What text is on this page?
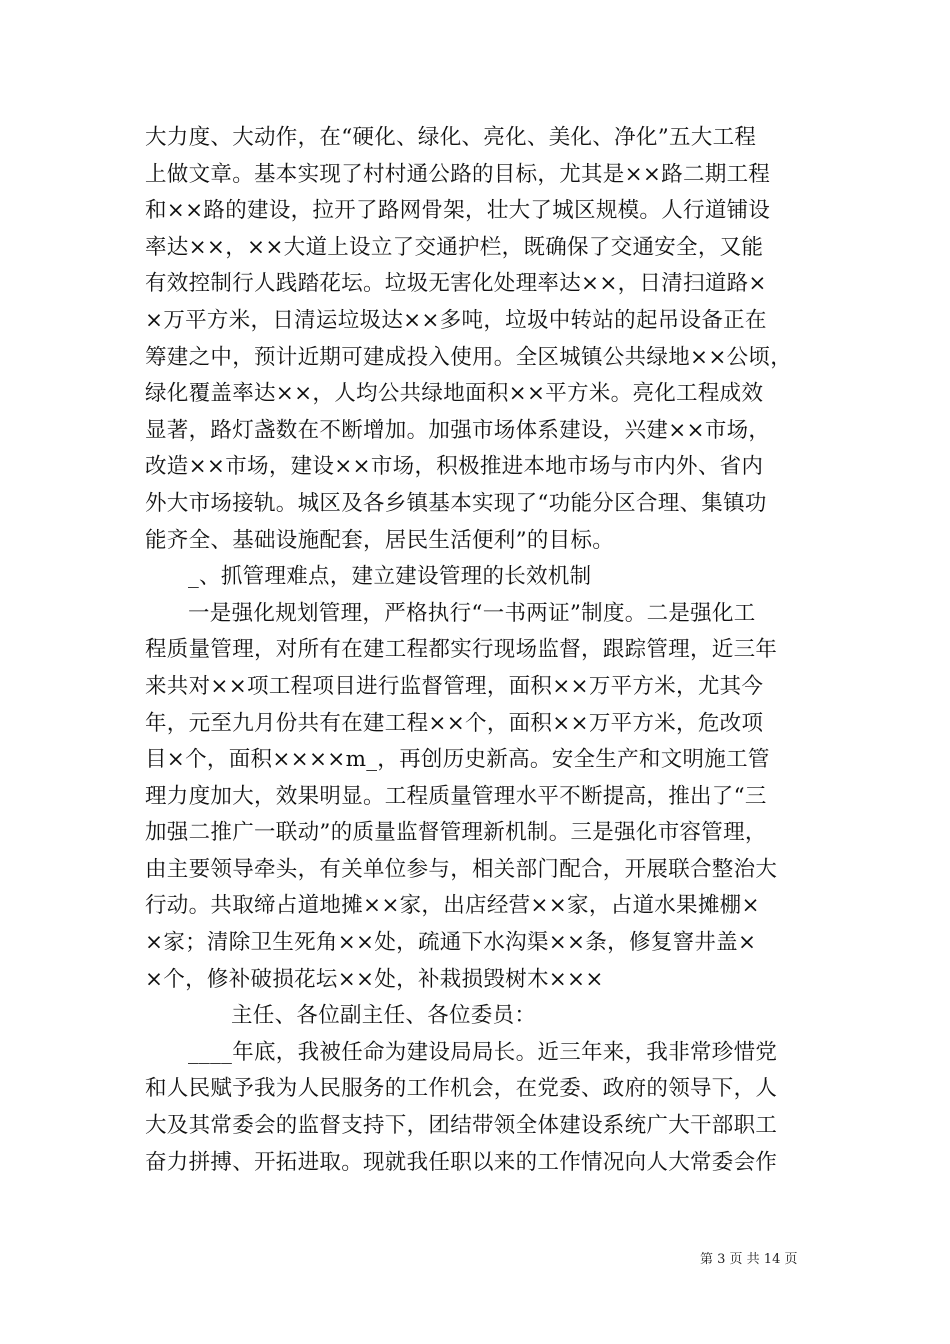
大力度、大动作，在“硬化、绿化、亮化、美化、净化”五大工程
上做文章。基本实现了村村通公路的目标，尤其是××路二期工程
和××路的建设，拉开了路网骨架，壮大了城区规模。人行道铺设
率达××，××大道上设立了交通护栏，既确保了交通安全，又能
有效控制行人践踏花坛。垃圾无害化处理率达××，日清扫道路×
×万平方米，日清运垃圾达××多吨，垃圾中转站的起吊设备正在
筹建之中，预计近期可建成投入使用。全区城镇公共绿地××公顷，
绿化覆盖率达××，人均公共绿地面积××平方米。亮化工程成效
显著，路灯盏数在不断增加。加强市场体系建设，兴建××市场，
改造××市场，建设××市场，积极推进本地市场与市内外、省内
外大市场接轨。城区及各乡镇基本实现了“功能分区合理、集镇功
能齐全、基础设施配套，居民生活便利”的目标。
_、抓管理难点，建立建设管理的长效机制
一是强化规划管理，严格执行“一书两证”制度。二是强化工
程质量管理，对所有在建工程都实行现场监督，跟踪管理，近三年
来共对××项工程项目进行监督管理，面积××万平方米，尤其今
年，元至九月份共有在建工程××个，面积××万平方米，危改项
目×个，面积××××m_，再创历史新高。安全生产和文明施工管
理力度加大，效果明显。工程质量管理水平不断提高，推出了“三
加强二推广一联动”的质量监督管理新机制。三是强化市容管理，
由主要领导牵头，有关单位参与，相关部门配合，开展联合整治大
行动。共取缔占道地摊××家，出店经营××家，占道水果摊棚×
×家；清除卫生死角××处，疏通下水沟渠××条，修复窨井盖×
×个，修补破损花坛××处，补栽损毁树木×××
主任、各位副主任、各位委员：
____年底，我被任命为建设局局长。近三年来，我非常珍惜党
和人民赋予我为人民服务的工作机会，在党委、政府的领导下，人
大及其常委会的监督支持下，团结带领全体建设系统广大干部职工
奋力拼搏、开拓进取。现就我任职以来的工作情况向人大常委会作
第 3 页 共 14 页
